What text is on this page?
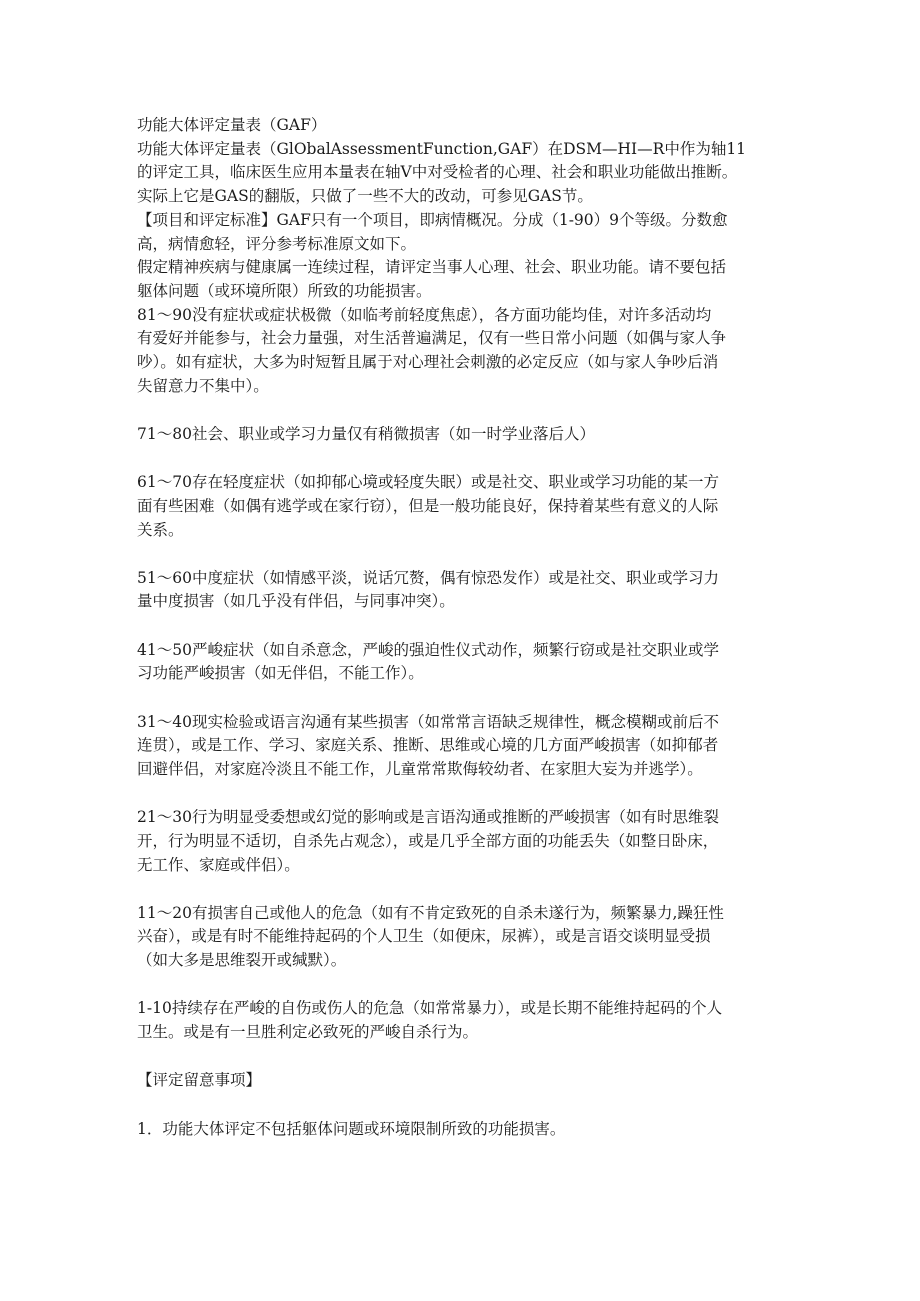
功能大体评定量表（GAF）
功能大体评定量表（GlObalAssessmentFunction,GAF）在DSM—HI—R中作为轴11
的评定工具，临床医生应用本量表在轴V中对受检者的心理、社会和职业功能做出推断。
实际上它是GAS的翻版，只做了一些不大的改动，可参见GAS节。
【项目和评定标准】GAF只有一个项目，即病情概况。分成（1-90）9个等级。分数愈
高，病情愈轻，评分参考标准原文如下。
假定精神疾病与健康属一连续过程，请评定当事人心理、社会、职业功能。请不要包括
躯体问题（或环境所限）所致的功能损害。
81～90没有症状或症状极微（如临考前轻度焦虑），各方面功能均佳，对许多活动均
有爱好并能参与，社会力量强，对生活普遍满足，仅有一些日常小问题（如偶与家人争
吵）。如有症状，大多为时短暂且属于对心理社会刺激的必定反应（如与家人争吵后消
失留意力不集中）。
71～80社会、职业或学习力量仅有稍微损害（如一时学业落后人）
61～70存在轻度症状（如抑郁心境或轻度失眠）或是社交、职业或学习功能的某一方
面有些困难（如偶有逃学或在家行窃），但是一般功能良好，保持着某些有意义的人际
关系。
51～60中度症状（如情感平淡，说话冗赘，偶有惊恐发作）或是社交、职业或学习力
量中度损害（如几乎没有伴侣，与同事冲突）。
41～50严峻症状（如自杀意念，严峻的强迫性仪式动作，频繁行窃或是社交职业或学
习功能严峻损害（如无伴侣，不能工作）。
31～40现实检验或语言沟通有某些损害（如常常言语缺乏规律性，概念模糊或前后不
连贯），或是工作、学习、家庭关系、推断、思维或心境的几方面严峻损害（如抑郁者
回避伴侣，对家庭冷淡且不能工作，儿童常常欺侮较幼者、在家胆大妄为并逃学）。
21～30行为明显受委想或幻觉的影响或是言语沟通或推断的严峻损害（如有时思维裂
开，行为明显不适切，自杀先占观念），或是几乎全部方面的功能丢失（如整日卧床，
无工作、家庭或伴侣）。
11～20有损害自己或他人的危急（如有不肯定致死的自杀未遂行为，频繁暴力,躁狂性
兴奋），或是有时不能维持起码的个人卫生（如便床，尿裤），或是言语交谈明显受损
（如大多是思维裂开或缄默）。
1-10持续存在严峻的自伤或伤人的危急（如常常暴力），或是长期不能维持起码的个人
卫生。或是有一旦胜利定必致死的严峻自杀行为。
【评定留意事项】
1．功能大体评定不包括躯体问题或环境限制所致的功能损害。
